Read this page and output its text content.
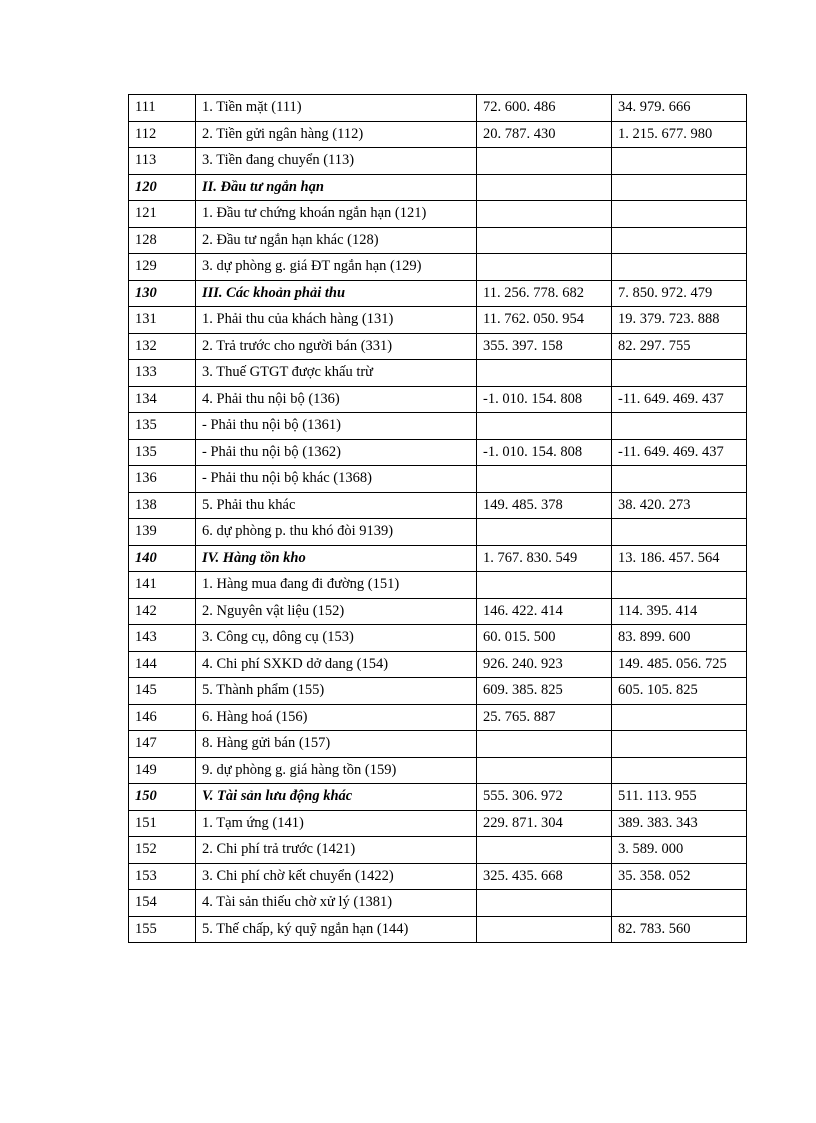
111	1. Tiền mặt (111)	72. 600. 486	34. 979. 666
112	2. Tiền gửi ngân hàng (112)	20. 787. 430	1. 215. 677. 980
113	3. Tiền đang chuyển (113)		
120	II. Đầu tư ngắn hạn		
121	1. Đầu tư chứng khoán ngắn hạn (121)		
128	2. Đầu tư ngắn hạn khác (128)		
129	3. dự phòng g. giá ĐT ngắn hạn (129)		
130	III. Các khoản phải thu	11. 256. 778. 682	7. 850. 972. 479
131	1. Phải thu của khách hàng (131)	11. 762. 050. 954	19. 379. 723. 888
132	2. Trả trước cho người bán (331)	355. 397. 158	82. 297. 755
133	3. Thuế GTGT được khấu trừ		
134	4. Phải thu nội bộ (136)	-1. 010. 154. 808	-11. 649. 469. 437
135	- Phải thu nội bộ (1361)		
135	- Phải thu nội bộ (1362)	-1. 010. 154. 808	-11. 649. 469. 437
136	- Phải thu nội bộ khác (1368)		
138	5. Phải thu khác	149. 485. 378	38. 420. 273
139	6. dự phòng p. thu khó đòi 9139)		
140	IV. Hàng tồn kho	1. 767. 830. 549	13. 186. 457. 564
141	1. Hàng mua đang đi đường (151)		
142	2. Nguyên vật liệu (152)	146. 422. 414	114. 395. 414
143	3. Công cụ, dông cụ (153)	60. 015. 500	83. 899. 600
144	4. Chi phí SXKD dở dang (154)	926. 240. 923	149. 485. 056. 725
145	5. Thành phẩm (155)	609. 385. 825	605. 105. 825
146	6. Hàng hoá (156)	25. 765. 887	
147	8. Hàng gửi bán (157)		
149	9. dự phòng g. giá hàng tồn (159)		
150	V. Tài sản lưu động khác	555. 306. 972	511. 113. 955
151	1. Tạm ứng (141)	229. 871. 304	389. 383. 343
152	2. Chi phí trả trước (1421)		3. 589. 000
153	3. Chi phí chờ kết chuyển (1422)	325. 435. 668	35. 358. 052
154	4. Tài sản thiếu chờ xử lý (1381)		
155	5. Thế chấp, ký quỹ ngắn hạn (144)		82. 783. 560
